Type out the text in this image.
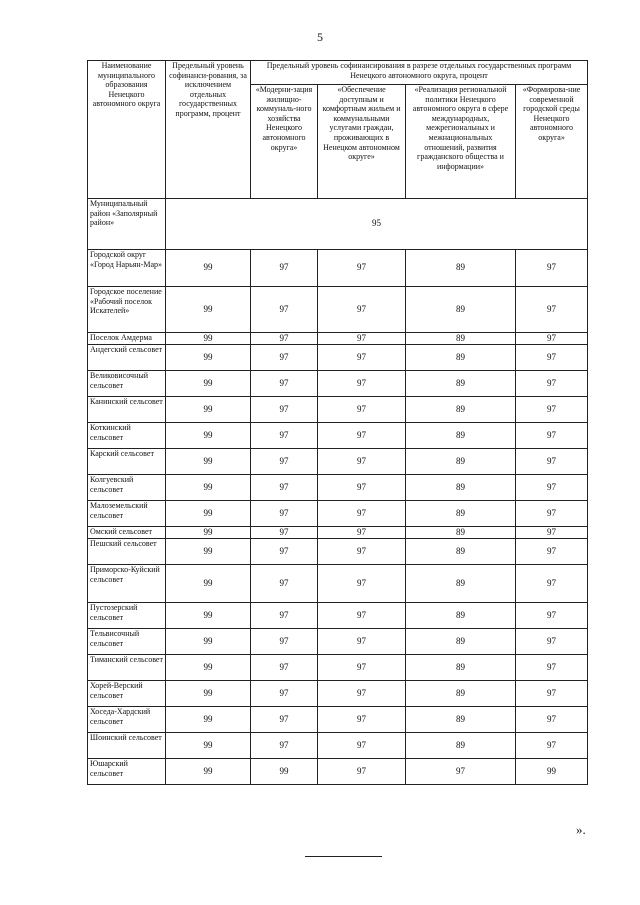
5
Наименование муниципального образования Ненецкого автономного округа	Предельный уровень софинанси-рования, за исключением отдельных государственных программ, процент	Предельный уровень софинансирования в разрезе отдельных государственных программ Ненецкого автономного округа, процент			
		«Модерни-зация жилищно-коммуналь-ного хозяйства Ненецкого автономного округа»	«Обеспечение доступным и комфортным жильем и коммунальными услугами граждан, проживающих в Ненецком автономном округе»	«Реализация региональной политики Ненецкого автономного округа в сфере международных, межрегиональных и межнациональных отношений, развития гражданского общества и информации»	«Формирова-ние современной городской среды Ненецкого автономного округа»
Муниципальный район «Заполярный район»	95				
Городской округ «Город Нарьян-Мар»	99	97	97	89	97
Городское поселение «Рабочий поселок Искателей»	99	97	97	89	97
Поселок Амдерма	99	97	97	89	97
Андегский сельсовет	99	97	97	89	97
Великовисочный сельсовет	99	97	97	89	97
Канинский сельсовет	99	97	97	89	97
Коткинский сельсовет	99	97	97	89	97
Карский сельсовет	99	97	97	89	97
Колгуевский сельсовет	99	97	97	89	97
Малоземельский сельсовет	99	97	97	89	97
Омский сельсовет	99	97	97	89	97
Пешский сельсовет	99	97	97	89	97
Приморско-Куйский сельсовет	99	97	97	89	97
Пустозерский сельсовет	99	97	97	89	97
Тельвисочный сельсовет	99	97	97	89	97
Тиманский сельсовет	99	97	97	89	97
Хорей-Верский сельсовет	99	97	97	89	97
Хоседа-Хардский сельсовет	99	97	97	89	97
Шоинский сельсовет	99	97	97	89	97
Юшарский сельсовет	99	99	97	97	99
».
